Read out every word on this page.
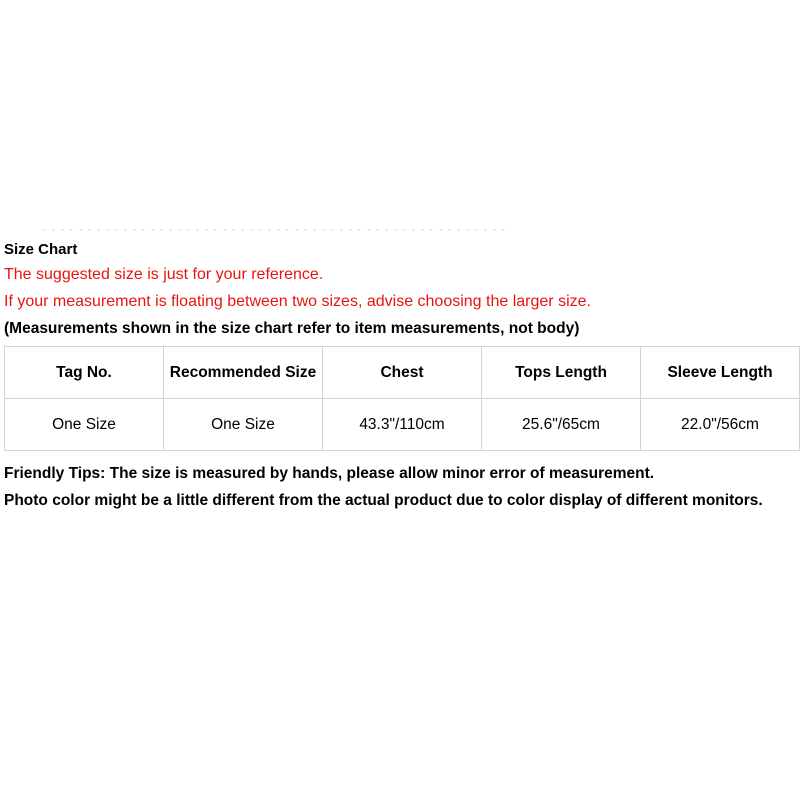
Size Chart
The suggested size is just for your reference.
If your measurement is floating between two sizes, advise choosing the larger size.
(Measurements shown in the size chart refer to item measurements, not body)
Tag No.	Recommended Size	Chest	Tops Length	Sleeve Length
One Size	One Size	43.3"/110cm	25.6"/65cm	22.0"/56cm
Friendly Tips: The size is measured by hands, please allow minor error of measurement.
Photo color might be a little different from the actual product due to color display of different monitors.
